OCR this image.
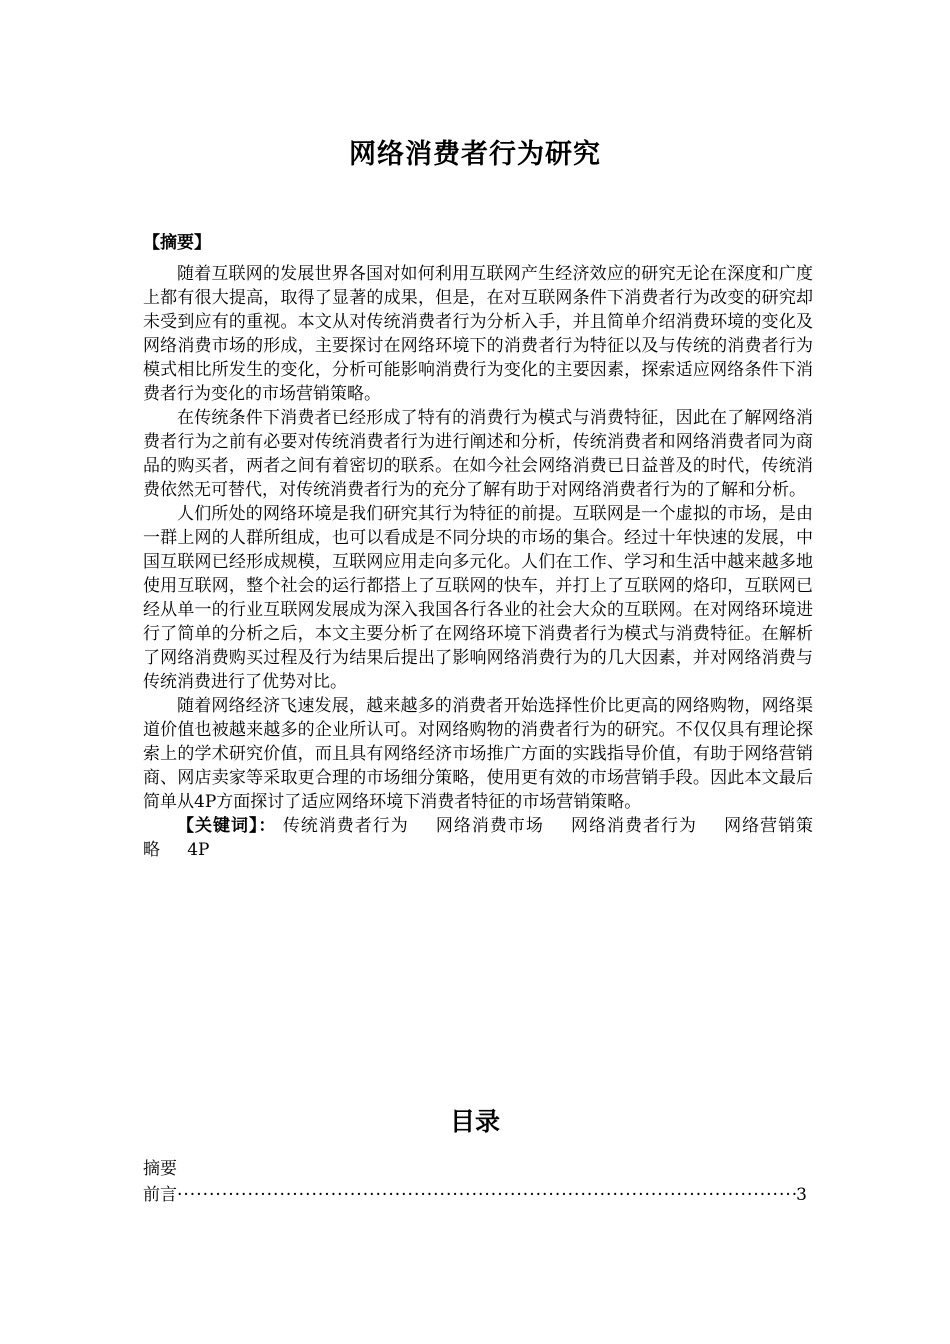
网络消费者行为研究
【摘要】

随着互联网的发展世界各国对如何利用互联网产生经济效应的研究无论在深度和广度上都有很大提高，取得了显著的成果，但是，在对互联网条件下消费者行为改变的研究却未受到应有的重视。本文从对传统消费者行为分析入手，并且简单介绍消费环境的变化及网络消费市场的形成，主要探讨在网络环境下的消费者行为特征以及与传统的消费者行为模式相比所发生的变化，分析可能影响消费行为变化的主要因素，探索适应网络条件下消费者行为变化的市场营销策略。

在传统条件下消费者已经形成了特有的消费行为模式与消费特征，因此在了解网络消费者行为之前有必要对传统消费者行为进行阐述和分析，传统消费者和网络消费者同为商品的购买者，两者之间有着密切的联系。在如今社会网络消费已日益普及的时代，传统消费依然无可替代，对传统消费者行为的充分了解有助于对网络消费者行为的了解和分析。

人们所处的网络环境是我们研究其行为特征的前提。互联网是一个虚拟的市场，是由一群上网的人群所组成，也可以看成是不同分块的市场的集合。经过十年快速的发展，中国互联网已经形成规模，互联网应用走向多元化。人们在工作、学习和生活中越来越多地使用互联网，整个社会的运行都搭上了互联网的快车，并打上了互联网的烙印，互联网已经从单一的行业互联网发展成为深入我国各行各业的社会大众的互联网。在对网络环境进行了简单的分析之后，本文主要分析了在网络环境下消费者行为模式与消费特征。在解析了网络消费购买过程及行为结果后提出了影响网络消费行为的几大因素，并对网络消费与传统消费进行了优势对比。

随着网络经济飞速发展，越来越多的消费者开始选择性价比更高的网络购物，网络渠道价值也被越来越多的企业所认可。对网络购物的消费者行为的研究。不仅仅具有理论探索上的学术研究价值，而且具有网络经济市场推广方面的实践指导价值，有助于网络营销商、网店卖家等采取更合理的市场细分策略，使用更有效的市场营销手段。因此本文最后简单从4P方面探讨了适应网络环境下消费者特征的市场营销策略。

【关键词】： 传统消费者行为 网络消费市场 网络消费者行为 网络营销策略 4P

目录
摘要
前言
·····	3
